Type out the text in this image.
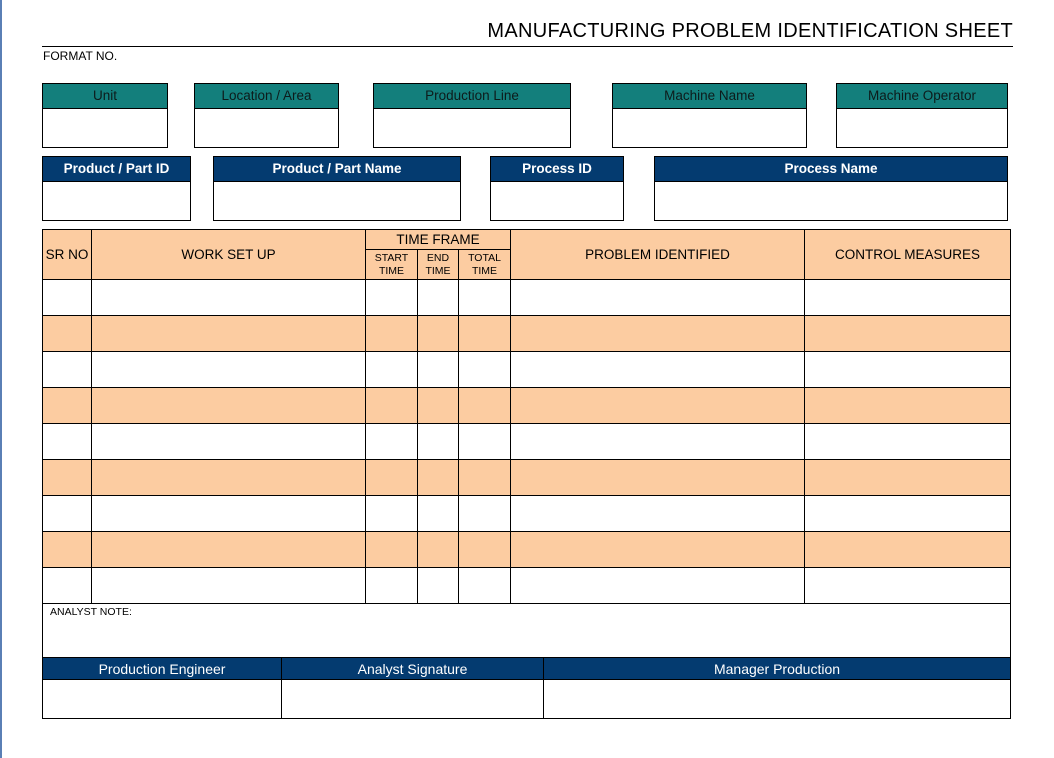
MANUFACTURING PROBLEM IDENTIFICATION SHEET
FORMAT NO.
Unit	Location / Area	Production Line	Machine Name	Machine Operator
Product / Part ID	Product / Part Name	Process ID	Process Name
SR NO	WORK SET UP	TIME FRAME			PROBLEM IDENTIFIED	CONTROL MEASURES
		START TIME	END TIME	TOTAL TIME		

ANALYST NOTE:						
Production Engineer	Analyst Signature	Manager Production
